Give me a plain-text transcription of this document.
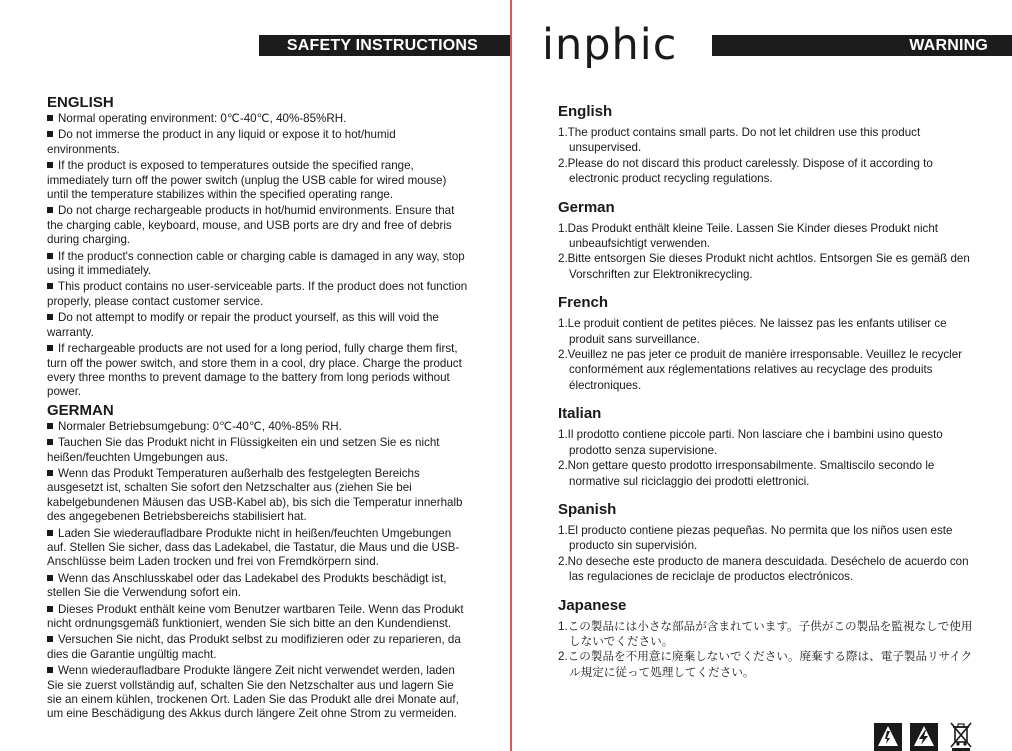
SAFETY INSTRUCTIONS
ENGLISH
Normal operating environment: 0℃-40℃, 40%-85%RH.
Do not immerse the product in any liquid or expose it to hot/humid environments.
If the product is exposed to temperatures outside the specified range, immediately turn off the power switch (unplug the USB cable for wired mouse) until the temperature stabilizes within the specified operating range.
Do not charge rechargeable products in hot/humid environments. Ensure that the charging cable, keyboard, mouse, and USB ports are dry and free of debris during charging.
If the product's connection cable or charging cable is damaged in any way, stop using it immediately.
This product contains no user-serviceable parts. If the product does not function properly, please contact customer service.
Do not attempt to modify or repair the product yourself, as this will void the warranty.
If rechargeable products are not used for a long period, fully charge them first, turn off the power switch, and store them in a cool, dry place. Charge the product every three months to prevent damage to the battery from long periods without power.
GERMAN
Normaler Betriebsumgebung: 0℃-40℃, 40%-85% RH.
Tauchen Sie das Produkt nicht in Flüssigkeiten ein und setzen Sie es nicht heißen/feuchten Umgebungen aus.
Wenn das Produkt Temperaturen außerhalb des festgelegten Bereichs ausgesetzt ist, schalten Sie sofort den Netzschalter aus (ziehen Sie bei kabelgebundenen Mäusen das USB-Kabel ab), bis sich die Temperatur innerhalb des angegebenen Betriebsbereichs stabilisiert hat.
Laden Sie wiederaufladbare Produkte nicht in heißen/feuchten Umgebungen auf. Stellen Sie sicher, dass das Ladekabel, die Tastatur, die Maus und die USB-Anschlüsse beim Laden trocken und frei von Fremdkörpern sind.
Wenn das Anschlusskabel oder das Ladekabel des Produkts beschädigt ist, stellen Sie die Verwendung sofort ein.
Dieses Produkt enthält keine vom Benutzer wartbaren Teile. Wenn das Produkt nicht ordnungsgemäß funktioniert, wenden Sie sich bitte an den Kundendienst.
Versuchen Sie nicht, das Produkt selbst zu modifizieren oder zu reparieren, da dies die Garantie ungültig macht.
Wenn wiederaufladbare Produkte längere Zeit nicht verwendet werden, laden Sie sie zuerst vollständig auf, schalten Sie den Netzschalter aus und lagern Sie sie an einem kühlen, trockenen Ort. Laden Sie das Produkt alle drei Monate auf, um eine Beschädigung des Akkus durch längere Zeit ohne Strom zu vermeiden.
inphic	WARNING
English
1.The product contains small parts. Do not let children use this product unsupervised.
2.Please do not discard this product carelessly. Dispose of it according to electronic product recycling regulations.
German
1.Das Produkt enthält kleine Teile. Lassen Sie Kinder dieses Produkt nicht unbeaufsichtigt verwenden.
2.Bitte entsorgen Sie dieses Produkt nicht achtlos. Entsorgen Sie es gemäß den Vorschriften zur Elektronikrecycling.
French
1.Le produit contient de petites pièces. Ne laissez pas les enfants utiliser ce produit sans surveillance.
2.Veuillez ne pas jeter ce produit de manière irresponsable. Veuillez le recycler conformément aux réglementations relatives au recyclage des produits électroniques.
Italian
1.Il prodotto contiene piccole parti. Non lasciare che i bambini usino questo prodotto senza supervisione.
2.Non gettare questo prodotto irresponsabilmente. Smaltiscilo secondo le normative sul riciclaggio dei prodotti elettronici.
Spanish
1.El producto contiene piezas pequeñas. No permita que los niños usen este producto sin supervisión.
2.No deseche este producto de manera descuidada. Deséchelo de acuerdo con las regulaciones de reciclaje de productos electrónicos.
Japanese
1.この製品には小さな部品が含まれています。子供がこの製品を監視なしで使用しないでください。
2.この製品を不用意に廃棄しないでください。廃棄する際は、電子製品リサイクル規定に従って処理してください。
